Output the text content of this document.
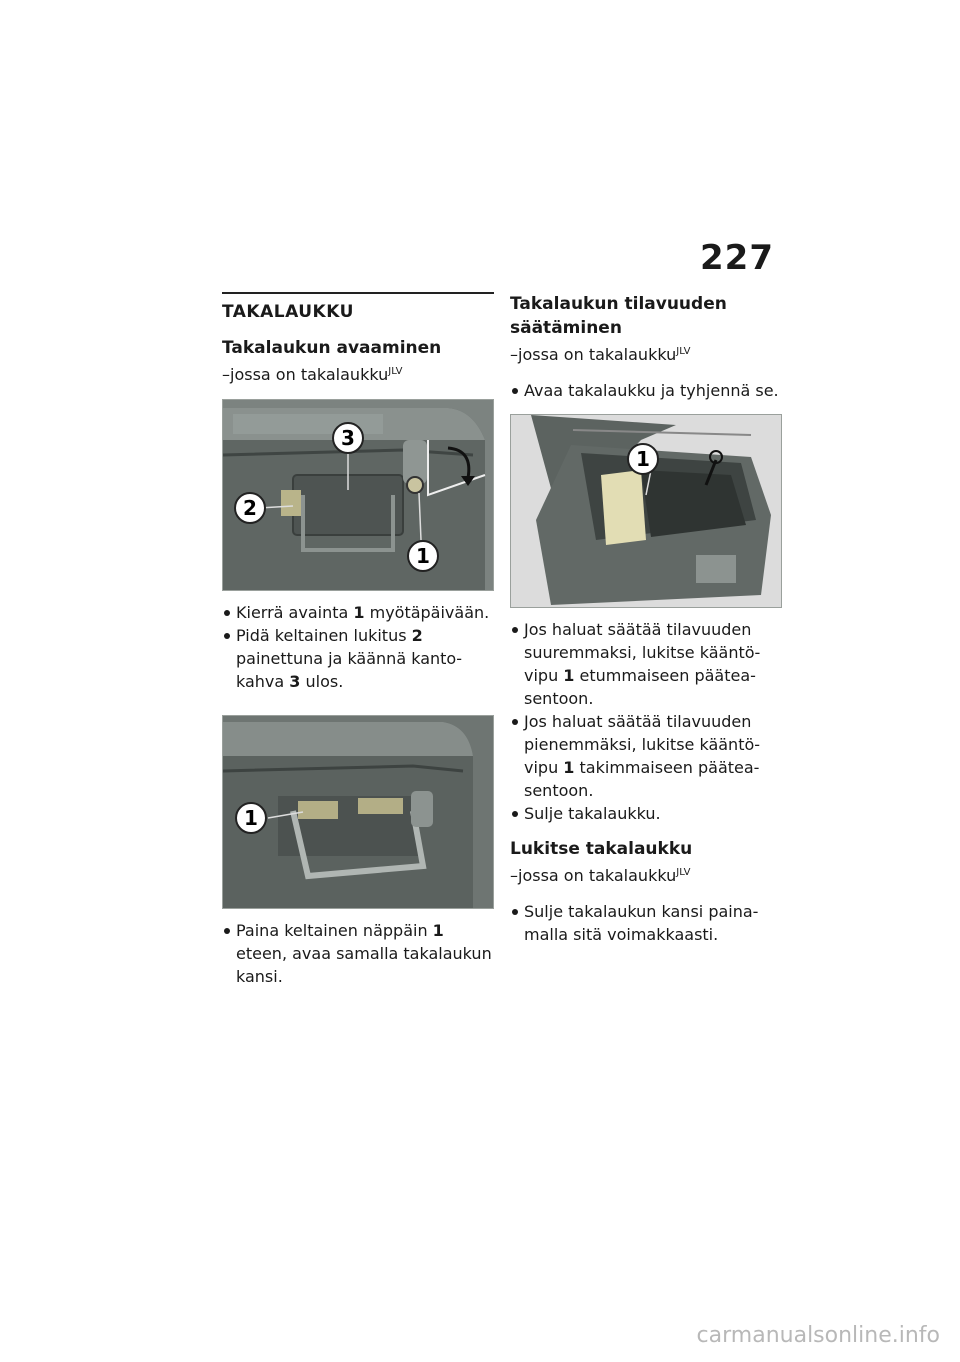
227
TAKALAUKKU
Takalaukun avaaminen

–jossa on takalaukku$^{JLV}$

3
2
1
Kierrä avainta 1 myötäpäivään.
Pidä keltainen lukitus 2 painettuna ja käännä kantokahva 3 ulos.
1
Paina keltainen näppäin 1 eteen, avaa samalla takalaukun kansi.
Takalaukun tilavuuden
säätäminen

–jossa on takalaukku$^{JLV}$

Avaa takalaukku ja tyhjennä se.
1
Jos haluat säätää tilavuuden suuremmaksi, lukitse kääntövipu 1 etummaiseen pääteasentoon.
Jos haluat säätää tilavuuden pienemmäksi, lukitse kääntövipu 1 takimmaiseen pääteasentoon.
Sulje takalaukku.
Lukitse takalaukku

–jossa on takalaukku$^{JLV}$

Sulje takalaukun kansi painamalla sitä voimakkaasti.
carmanualsonline.info
